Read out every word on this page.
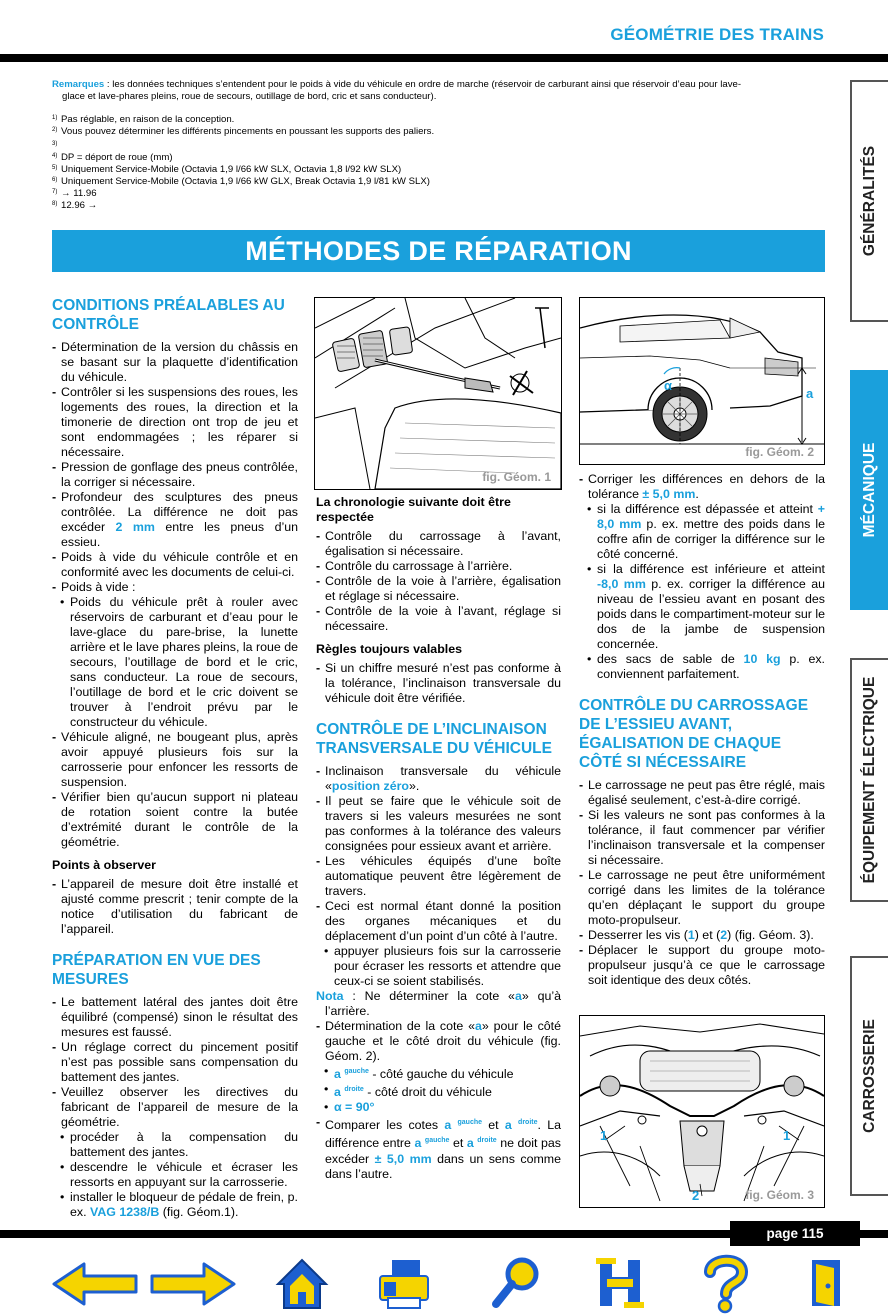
GÉOMÉTRIE DES TRAINS
Remarques : les données techniques s’entendent pour le poids à vide du véhicule en ordre de marche (réservoir de carburant ainsi que réservoir d’eau pour lave-
glace et lave-phares pleins, roue de secours, outillage de bord, cric et sans conducteur).
1) Pas réglable, en raison de la conception.
2) Vous pouvez déterminer les différents pincements en poussant les supports des paliers.
3)
4) DP = déport de roue (mm)
5) Uniquement Service-Mobile (Octavia 1,9 l/66 kW SLX, Octavia 1,8 l/92 kW SLX)
6) Uniquement Service-Mobile (Octavia 1,9 l/66 kW GLX, Break Octavia 1,9 l/81 kW SLX)
7) → 11.96
8) 12.96 →
MÉTHODES DE RÉPARATION	GÉNÉRALITÉS
MÉCANIQUE
ÉQUIPEMENT ÉLECTRIQUE
CARROSSERIE
CONDITIONS PRÉALABLES AU CONTRÔLE
- Détermination de la version du châssis en se basant sur la plaquette d’identification du véhicule.
- Contrôler si les suspensions des roues, les logements des roues, la direction et la timonerie de direction ont trop de jeu et sont endommagées ; les réparer si nécessaire.
- Pression de gonflage des pneus contrôlée, la corriger si nécessaire.
- Profondeur des sculptures des pneus contrôlée. La différence ne doit pas excéder 2 mm entre les pneus d’un essieu.
- Poids à vide du véhicule contrôle et en conformité avec les documents de celui-ci.
- Poids à vide :
• Poids du véhicule prêt à rouler avec réservoirs de carburant et d’eau pour le lave-glace du pare-brise, la lunette arrière et le lave phares pleins, la roue de secours, l’outillage de bord et le cric, sans conducteur. La roue de secours, l’outillage de bord et le cric doivent se trouver à l’endroit prévu par le constructeur du véhicule.
- Véhicule aligné, ne bougeant plus, après avoir appuyé plusieurs fois sur la carrosserie pour enfoncer les ressorts de suspension.
- Vérifier bien qu’aucun support ni plateau de rotation soient contre la butée d’extrémité durant le contrôle de la géométrie.
Points à observer
- L’appareil de mesure doit être installé et ajusté comme prescrit ; tenir compte de la notice d’utilisation du fabricant de l’appareil.
PRÉPARATION EN VUE DES MESURES
- Le battement latéral des jantes doit être équilibré (compensé) sinon le résultat des mesures est faussé.
- Un réglage correct du pincement positif n’est pas possible sans compensation du battement des jantes.
- Veuillez observer les directives du fabricant de l’appareil de mesure de la géométrie.
• procéder à la compensation du battement des jantes.
• descendre le véhicule et écraser les ressorts en appuyant sur la carrosserie.
• installer le bloqueur de pédale de frein, p. ex. VAG 1238/B (fig. Géom.1).
fig. Géom. 1
La chronologie suivante doit être respectée
- Contrôle du carrossage à l’avant, égalisation si nécessaire.
- Contrôle du carrossage à l’arrière.
- Contrôle de la voie à l’arrière, égalisation et réglage si nécessaire.
- Contrôle de la voie à l’avant, réglage si nécessaire.
Règles toujours valables
- Si un chiffre mesuré n’est pas conforme à la tolérance, l’inclinaison transversale du véhicule doit être vérifiée.
CONTRÔLE DE L’INCLINAISON TRANSVERSALE DU VÉHICULE
- Inclinaison transversale du véhicule «position zéro».
- Il peut se faire que le véhicule soit de travers si les valeurs mesurées ne sont pas conformes à la tolérance des valeurs consignées pour essieux avant et arrière.
- Les véhicules équipés d’une boîte automatique peuvent être légèrement de travers.
- Ceci est normal étant donné la position des organes mécaniques et du déplacement d’un point d’un côté à l’autre.
• appuyer plusieurs fois sur la carrosserie pour écraser les ressorts et attendre que ceux-ci se soient stabilisés.
Nota : Ne déterminer la cote «a» qu’à l’arrière.
- Détermination de la cote «a» pour le côté gauche et le côté droit du véhicule (fig. Géom. 2).
• a $^{gauche}$ - côté gauche du véhicule
• a $^{droite}$ - côté droit du véhicule
• α = 90°
- Comparer les cotes a $^{gauche}$ et a $^{droite}$. La différence entre a $^{gauche}$ et a $^{droite}$ ne doit pas excéder ± 5,0 mm dans un sens comme dans l’autre.
α
a
fig. Géom. 2
- Corriger les différences en dehors de la tolérance ± 5,0 mm.
• si la différence est dépassée et atteint + 8,0 mm p. ex. mettre des poids dans le coffre afin de corriger la différence sur le côté concerné.
• si la différence est inférieure et atteint -8,0 mm p. ex. corriger la différence au niveau de l’essieu avant en posant des poids dans le compartiment-moteur sur le dos de la jambe de suspension concernée.
• des sacs de sable de 10 kg p. ex. conviennent parfaitement.
CONTRÔLE DU CARROSSAGE DE L’ESSIEU AVANT, ÉGALISATION DE CHAQUE CÔTÉ SI NÉCESSAIRE
- Le carrossage ne peut pas être réglé, mais égalisé seulement, c’est-à-dire corrigé.
- Si les valeurs ne sont pas conformes à la tolérance, il faut commencer par vérifier l’inclinaison transversale et la compenser si nécessaire.
- Le carrossage ne peut être uniformément corrigé dans les limites de la tolérance qu’en déplaçant le support du groupe moto-propulseur.
- Desserrer les vis (1) et (2) (fig. Géom. 3).
- Déplacer le support du groupe moto-propulseur jusqu’à ce que le carrossage soit identique des deux côtés.
1	1
2	fig. Géom. 3
page 115
